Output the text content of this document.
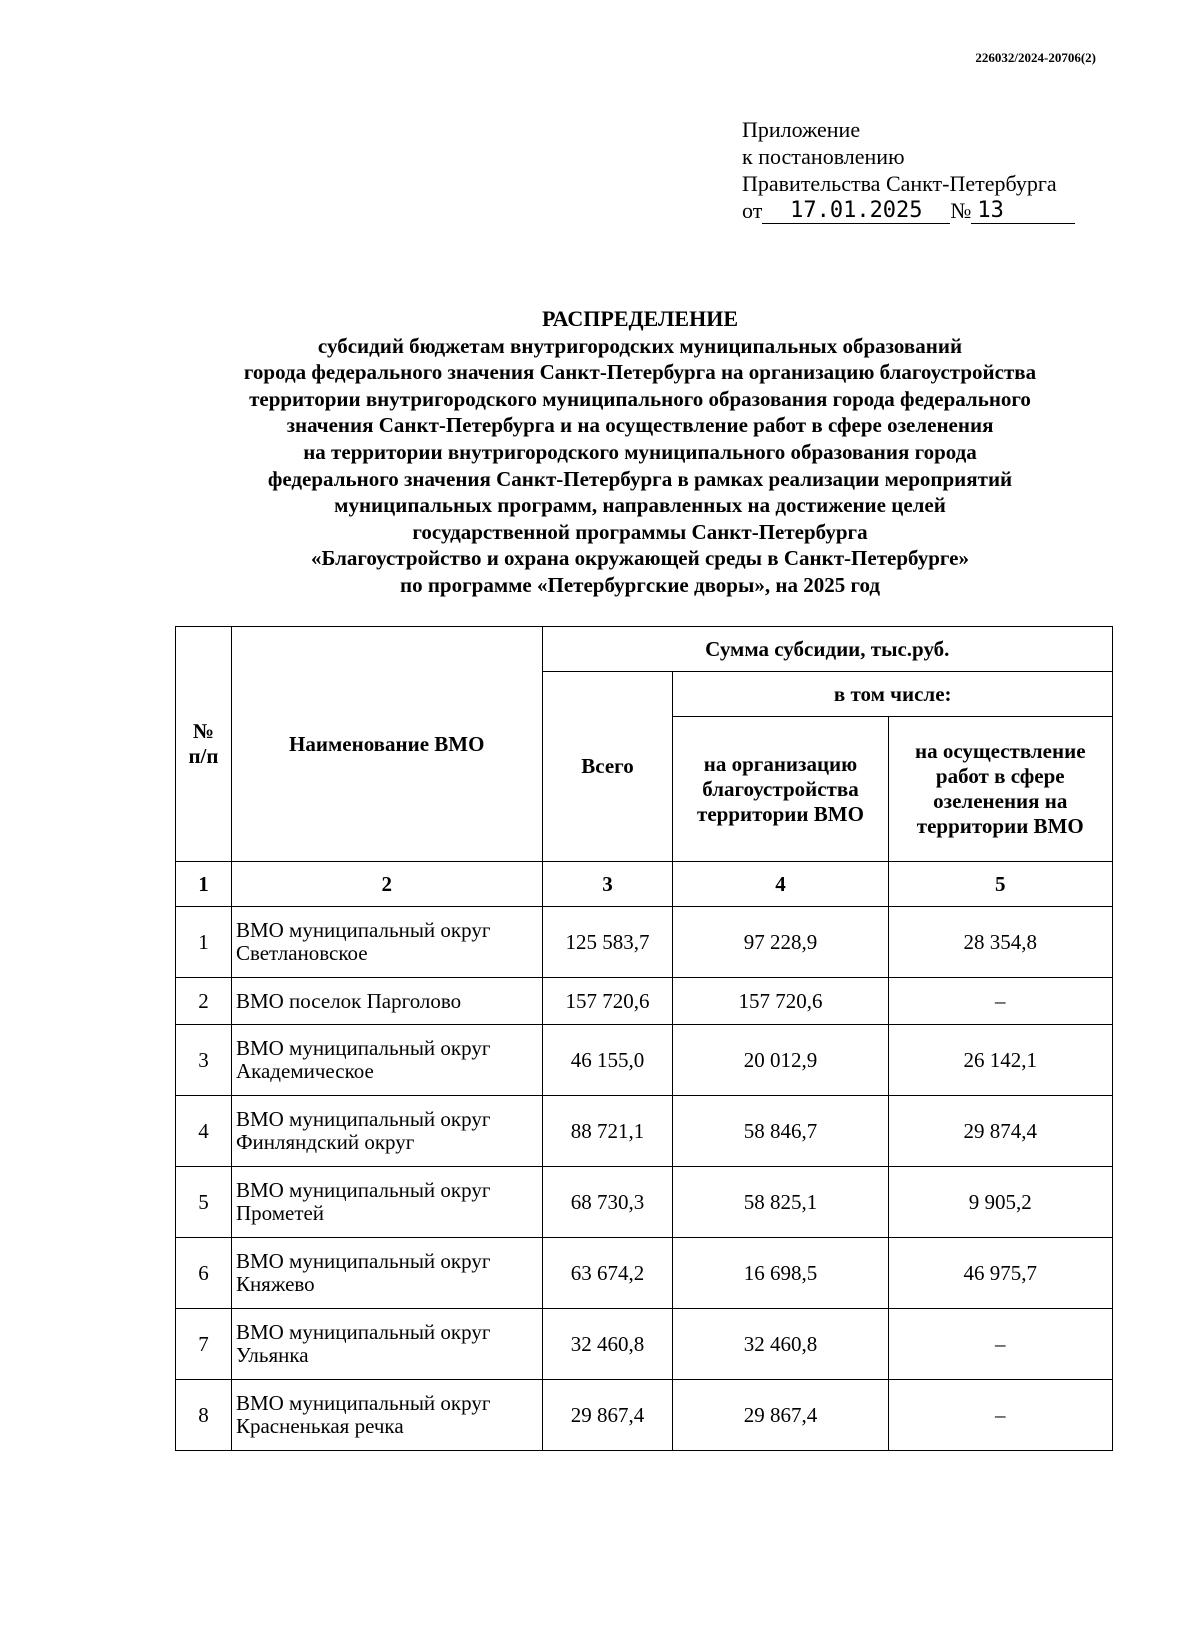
226032/2024-20706(2)
Приложение
к постановлению
Правительства Санкт-Петербурга
от	17.01.2025	№ 13
РАСПРЕДЕЛЕНИЕ
субсидий бюджетам внутригородских муниципальных образований
города федерального значения Санкт-Петербурга на организацию благоустройства
территории внутригородского муниципального образования города федерального
значения Санкт-Петербурга и на осуществление работ в сфере озеленения
на территории внутригородского муниципального образования города
федерального значения Санкт-Петербурга в рамках реализации мероприятий
муниципальных программ, направленных на достижение целей
государственной программы Санкт-Петербурга
«Благоустройство и охрана окружающей среды в Санкт-Петербурге»
по программе «Петербургские дворы», на 2025 год
№
п/п	Наименование ВМО	Сумма субсидии, тыс.руб.		
		Всего	в том числе:	
			на организацию благоустройства территории ВМО	на осуществление работ в сфере озеленения на территории ВМО
1	2	3	4	5
1	ВМО муниципальный округ Светлановское	125 583,7	97 228,9	28 354,8
2	ВМО поселок Парголово	157 720,6	157 720,6	–
3	ВМО муниципальный округ Академическое	46 155,0	20 012,9	26 142,1
4	ВМО муниципальный округ Финляндский округ	88 721,1	58 846,7	29 874,4
5	ВМО муниципальный округ Прометей	68 730,3	58 825,1	9 905,2
6	ВМО муниципальный округ Княжево	63 674,2	16 698,5	46 975,7
7	ВМО муниципальный округ Ульянка	32 460,8	32 460,8	–
8	ВМО муниципальный округ Красненькая речка	29 867,4	29 867,4	–
